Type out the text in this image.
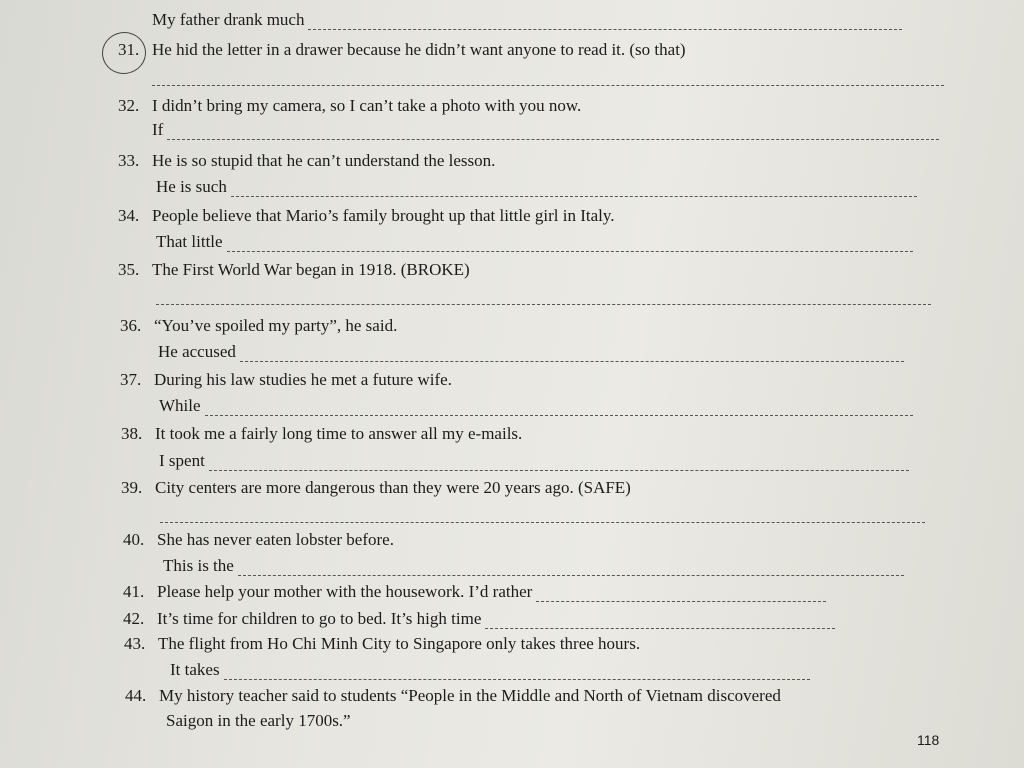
My father drank much
31. He hid the letter in a drawer because he didn’t want anyone to read it. (so that)
32. I didn’t bring my camera, so I can’t take a photo with you now.
If
33. He is so stupid that he can’t understand the lesson.
He is such
34. People believe that Mario’s family brought up that little girl in Italy.
That little
35. The First World War began in 1918. (BROKE)
36. “You’ve spoiled my party”, he said.
He accused
37. During his law studies he met a future wife.
While
38. It took me a fairly long time to answer all my e-mails.
I spent
39. City centers are more dangerous than they were 20 years ago. (SAFE)
40. She has never eaten lobster before.
This is the
41. Please help your mother with the housework. I’d rather
42. It’s time for children to go to bed. It’s high time
43. The flight from Ho Chi Minh City to Singapore only takes three hours.
It takes
44. My history teacher said to students “People in the Middle and North of Vietnam discovered
Saigon in the early 1700s.”
118
